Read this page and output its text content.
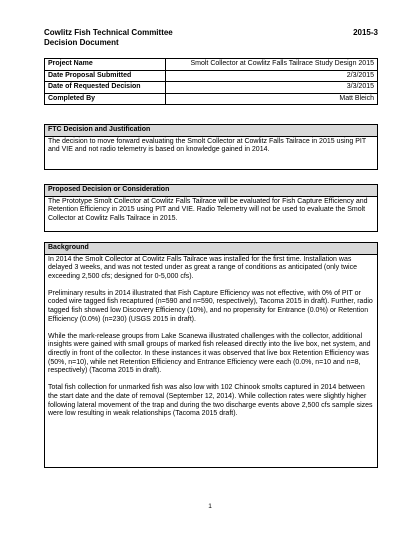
Cowlitz Fish Technical Committee
Decision Document
2015-3
Project Name	Smolt Collector at Cowlitz Falls Tailrace Study Design 2015
Date Proposal Submitted	2/3/2015
Date of Requested Decision	3/3/2015
Completed By	Matt Bleich
FTC Decision and Justification
The decision to move forward evaluating the Smolt Collector at Cowlitz Falls Tailrace in 2015 using PIT and VIE and not radio telemetry is based on knowledge gained in 2014.
Proposed Decision or Consideration
The Prototype Smolt Collector at Cowlitz Falls Tailrace will be evaluated for Fish Capture Efficiency and Retention Efficiency in 2015 using PIT and VIE. Radio Telemetry will not be used to evaluate the Smolt Collector at Cowlitz Falls Tailrace in 2015.
Background

In 2014 the Smolt Collector at Cowlitz Falls Tailrace was installed for the first time. Installation was delayed 3 weeks, and was not tested under as great a range of conditions as anticipated (only twice exceeding 2,500 cfs; designed for 0-5,000 cfs).

Preliminary results in 2014 illustrated that Fish Capture Efficiency was not effective, with 0% of PIT or coded wire tagged fish recaptured (n=590 and n=590, respectively), Tacoma 2015 in draft). Further, radio tagged fish showed low Discovery Efficiency (10%), and no propensity for Entrance (0.0%) or Retention Efficiency (0.0%) (n=230) (USGS 2015 in draft).

While the mark-release groups from Lake Scanewa illustrated challenges with the collector, additional insights were gained with small groups of marked fish released directly into the live box, net system, and directly in front of the collector. In these instances it was observed that live box Retention Efficiency was (50%, n=10), while net Retention Efficiency and Entrance Efficiency were each (0.0%, n=10 and n=8, respectively) (Tacoma 2015 in draft).

Total fish collection for unmarked fish was also low with 102 Chinook smolts captured in 2014 between the start date and the date of removal (September 12, 2014). While collection rates were slightly higher following lateral movement of the trap and during the two discharge events above 2,500 cfs sample sizes were low resulting in weak relationships (Tacoma 2015 draft).

1
